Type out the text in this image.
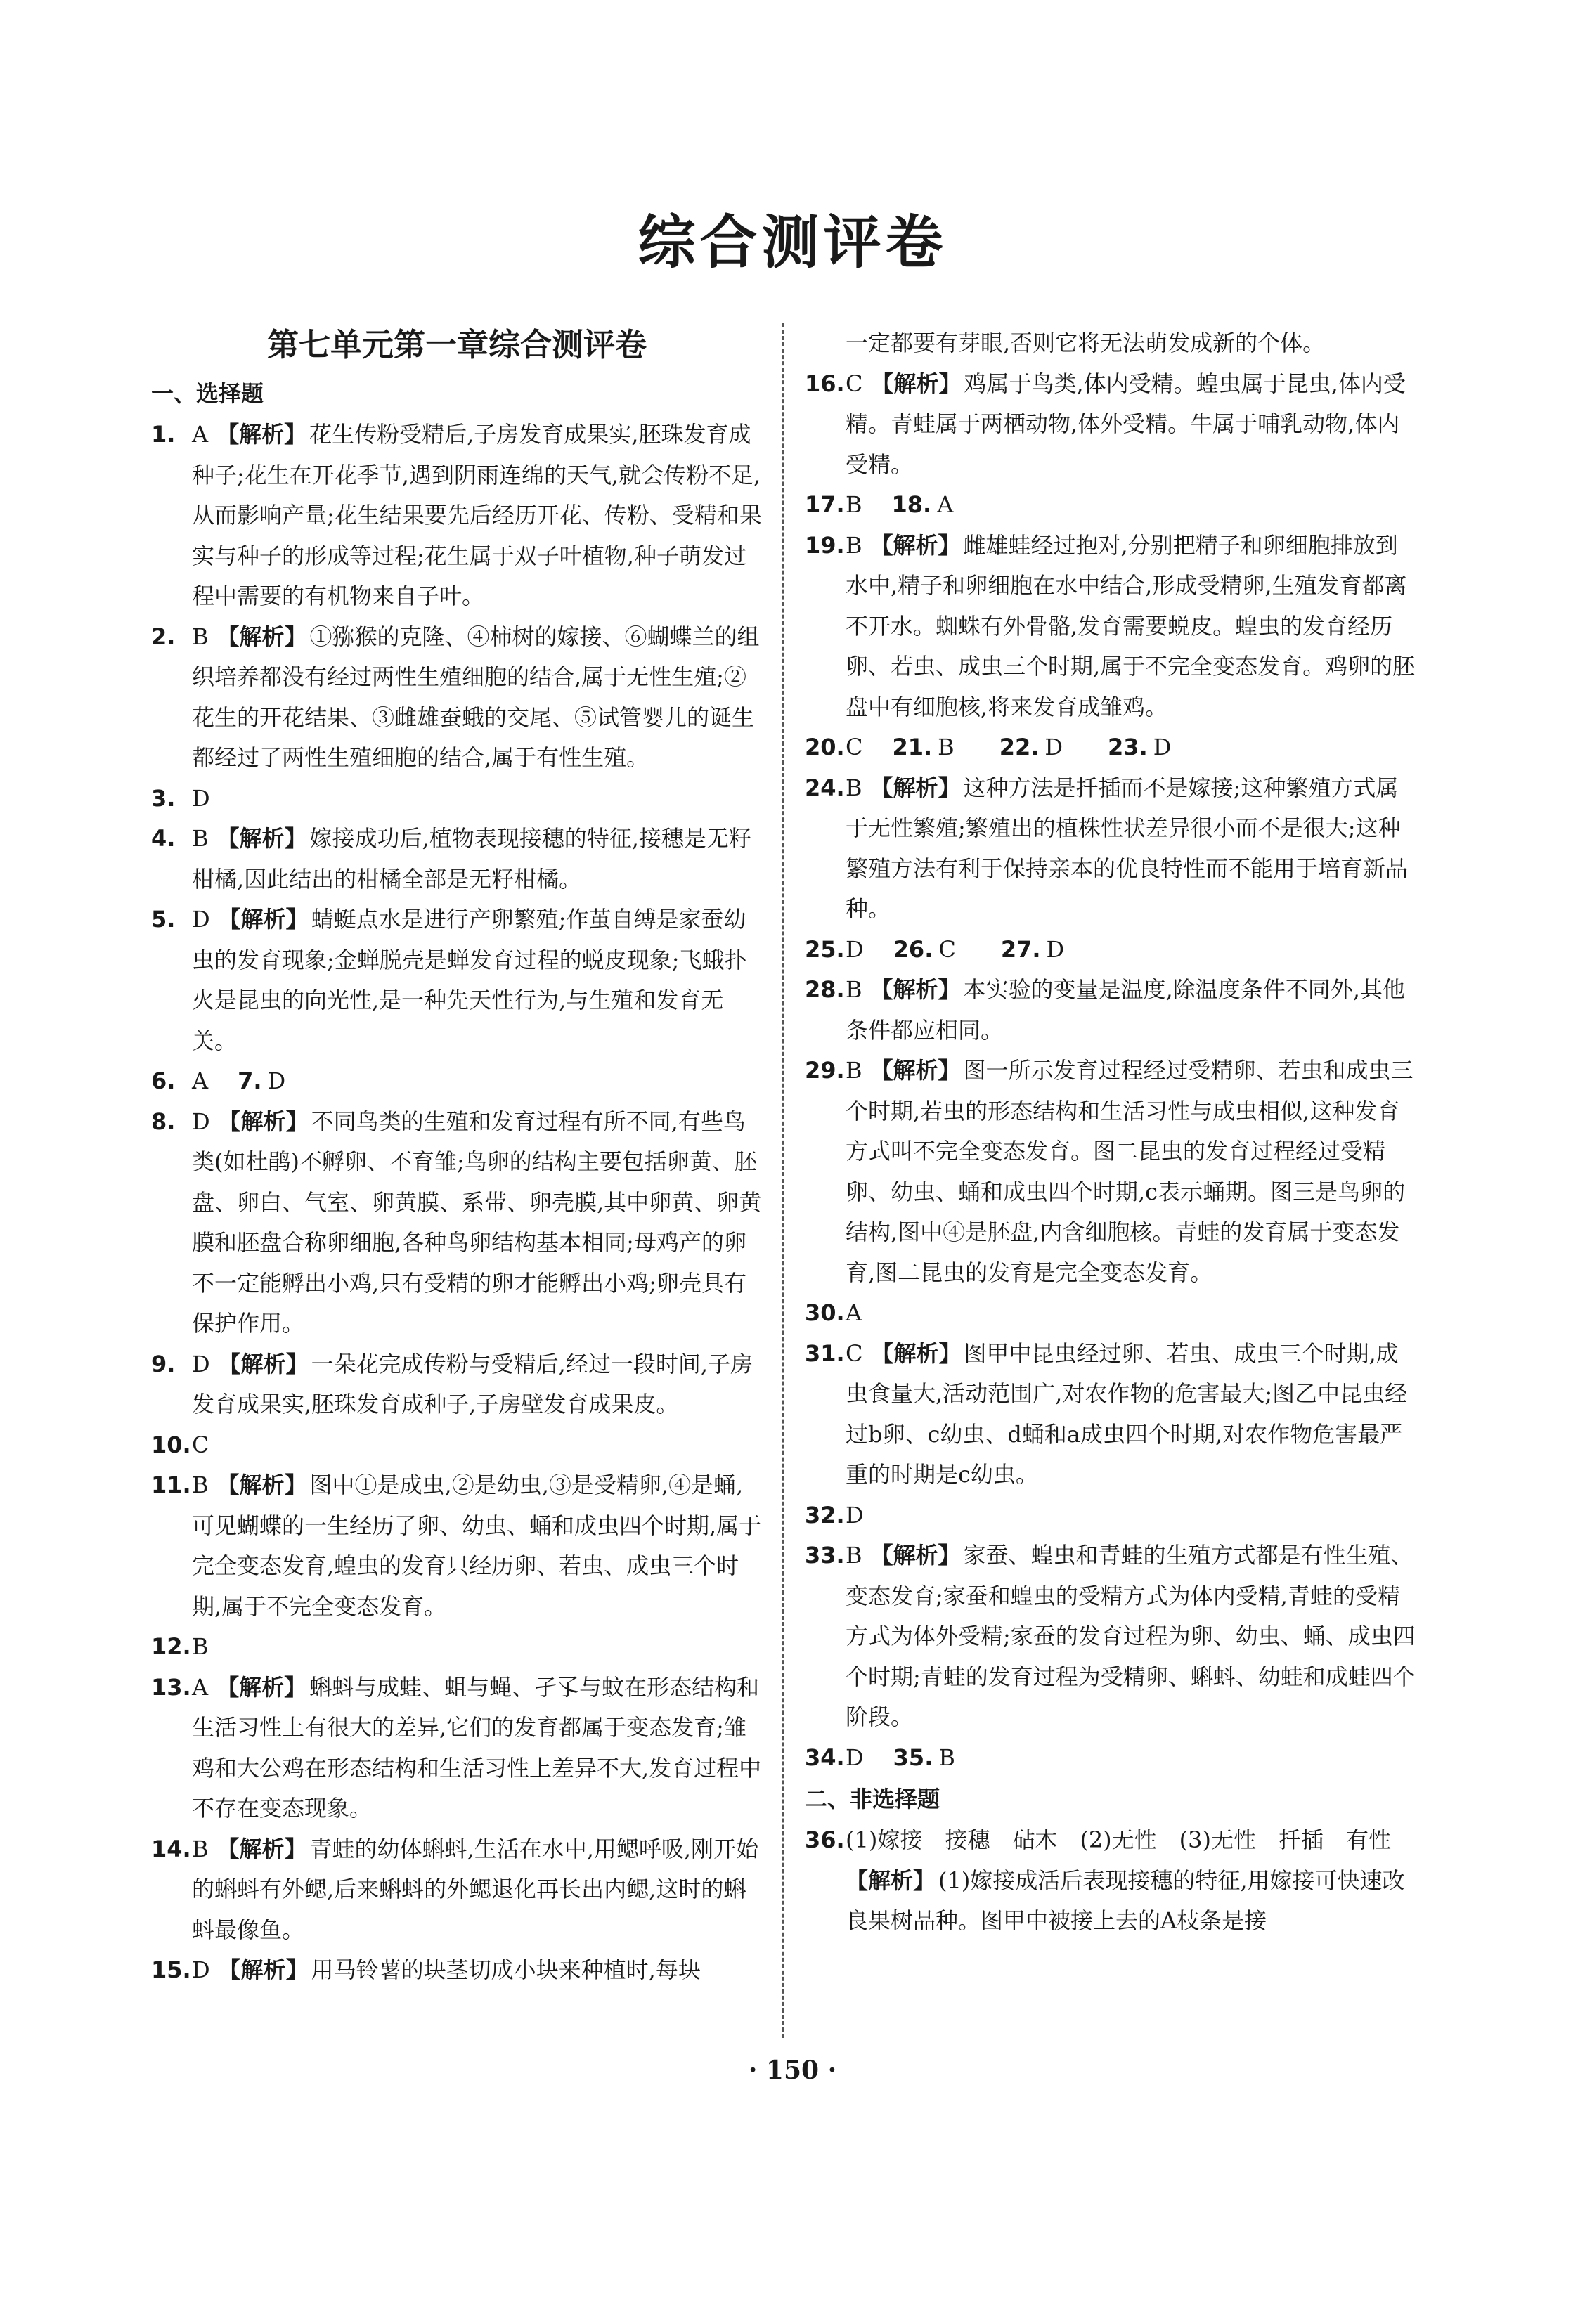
综合测评卷
第七单元第一章综合测评卷
一、选择题
1. A 【解析】 花生传粉受精后,子房发育成果实,胚珠发育成种子;花生在开花季节,遇到阴雨连绵的天气,就会传粉不足,从而影响产量;花生结果要先后经历开花、传粉、受精和果实与种子的形成等过程;花生属于双子叶植物,种子萌发过程中需要的有机物来自子叶。
2. B 【解析】 ①猕猴的克隆、④柿树的嫁接、⑥蝴蝶兰的组织培养都没有经过两性生殖细胞的结合,属于无性生殖;②花生的开花结果、③雌雄蚕蛾的交尾、⑤试管婴儿的诞生都经过了两性生殖细胞的结合,属于有性生殖。
3. D
4. B 【解析】 嫁接成功后,植物表现接穗的特征,接穗是无籽柑橘,因此结出的柑橘全部是无籽柑橘。
5. D 【解析】 蜻蜓点水是进行产卵繁殖;作茧自缚是家蚕幼虫的发育现象;金蝉脱壳是蝉发育过程的蜕皮现象;飞蛾扑火是昆虫的向光性,是一种先天性行为,与生殖和发育无关。
6. A 7. D
8. D 【解析】 不同鸟类的生殖和发育过程有所不同,有些鸟类(如杜鹃)不孵卵、不育雏;鸟卵的结构主要包括卵黄、胚盘、卵白、气室、卵黄膜、系带、卵壳膜,其中卵黄、卵黄膜和胚盘合称卵细胞,各种鸟卵结构基本相同;母鸡产的卵不一定能孵出小鸡,只有受精的卵才能孵出小鸡;卵壳具有保护作用。
9. D 【解析】 一朵花完成传粉与受精后,经过一段时间,子房发育成果实,胚珠发育成种子,子房壁发育成果皮。
10. C
11. B 【解析】 图中①是成虫,②是幼虫,③是受精卵,④是蛹,可见蝴蝶的一生经历了卵、幼虫、蛹和成虫四个时期,属于完全变态发育,蝗虫的发育只经历卵、若虫、成虫三个时期,属于不完全变态发育。
12. B
13. A 【解析】 蝌蚪与成蛙、蛆与蝇、孑孓与蚊在形态结构和生活习性上有很大的差异,它们的发育都属于变态发育;雏鸡和大公鸡在形态结构和生活习性上差异不大,发育过程中不存在变态现象。
14. B 【解析】 青蛙的幼体蝌蚪,生活在水中,用鳃呼吸,刚开始的蝌蚪有外鳃,后来蝌蚪的外鳃退化再长出内鳃,这时的蝌蚪最像鱼。
15. D 【解析】 用马铃薯的块茎切成小块来种植时,每块
一定都要有芽眼,否则它将无法萌发成新的个体。
16. C 【解析】 鸡属于鸟类,体内受精。蝗虫属于昆虫,体内受精。青蛙属于两栖动物,体外受精。牛属于哺乳动物,体内受精。
17. B 18. A
19. B 【解析】 雌雄蛙经过抱对,分别把精子和卵细胞排放到水中,精子和卵细胞在水中结合,形成受精卵,生殖发育都离不开水。蜘蛛有外骨骼,发育需要蜕皮。蝗虫的发育经历卵、若虫、成虫三个时期,属于不完全变态发育。鸡卵的胚盘中有细胞核,将来发育成雏鸡。
20. C 21. B 22. D 23. D
24. B 【解析】 这种方法是扦插而不是嫁接;这种繁殖方式属于无性繁殖;繁殖出的植株性状差异很小而不是很大;这种繁殖方法有利于保持亲本的优良特性而不能用于培育新品种。
25. D 26. C 27. D
28. B 【解析】 本实验的变量是温度,除温度条件不同外,其他条件都应相同。
29. B 【解析】 图一所示发育过程经过受精卵、若虫和成虫三个时期,若虫的形态结构和生活习性与成虫相似,这种发育方式叫不完全变态发育。图二昆虫的发育过程经过受精卵、幼虫、蛹和成虫四个时期,c表示蛹期。图三是鸟卵的结构,图中④是胚盘,内含细胞核。青蛙的发育属于变态发育,图二昆虫的发育是完全变态发育。
30. A
31. C 【解析】 图甲中昆虫经过卵、若虫、成虫三个时期,成虫食量大,活动范围广,对农作物的危害最大;图乙中昆虫经过b卵、c幼虫、d蛹和a成虫四个时期,对农作物危害最严重的时期是c幼虫。
32. D
33. B 【解析】 家蚕、蝗虫和青蛙的生殖方式都是有性生殖、变态发育;家蚕和蝗虫的受精方式为体内受精,青蛙的受精方式为体外受精;家蚕的发育过程为卵、幼虫、蛹、成虫四个时期;青蛙的发育过程为受精卵、蝌蚪、幼蛙和成蛙四个阶段。
34. D 35. B
二、非选择题
36. (1)嫁接　接穗　砧木　(2)无性　(3)无性　扦插　有性
【解析】 (1)嫁接成活后表现接穗的特征,用嫁接可快速改良果树品种。图甲中被接上去的A枝条是接
· 150 ·
